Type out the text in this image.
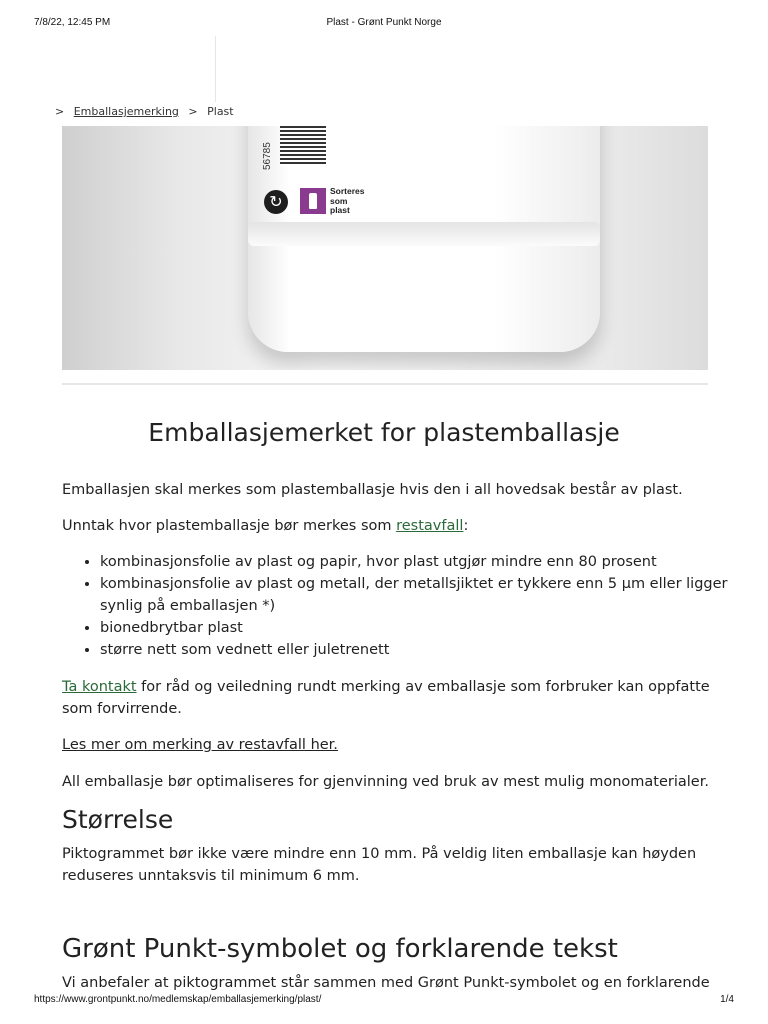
7/8/22, 12:45 PM	Plast - Grønt Punkt Norge
> Emballasjemerking > Plast
56785
↻
Sorteres
som
plast
Emballasjemerket for plastemballasje

Emballasjen skal merkes som plastemballasje hvis den i all hovedsak består av plast.

Unntak hvor plastemballasje bør merkes som restavfall:

• kombinasjonsfolie av plast og papir, hvor plast utgjør mindre enn 80 prosent
• kombinasjonsfolie av plast og metall, der metallsjiktet er tykkere enn 5 µm eller ligger synlig på emballasjen *)
• bionedbrytbar plast
• større nett som vednett eller juletrenett

Ta kontakt for råd og veiledning rundt merking av emballasje som forbruker kan oppfatte som forvirrende.

Les mer om merking av restavfall her.

All emballasje bør optimaliseres for gjenvinning ved bruk av mest mulig monomaterialer.

Størrelse

Piktogrammet bør ikke være mindre enn 10 mm. På veldig liten emballasje kan høyden reduseres unntaksvis til minimum 6 mm.

Grønt Punkt-symbolet og forklarende tekst

Vi anbefaler at piktogrammet står sammen med Grønt Punkt-symbolet og en forklarende

https://www.grontpunkt.no/medlemskap/emballasjemerking/plast/	1/4
